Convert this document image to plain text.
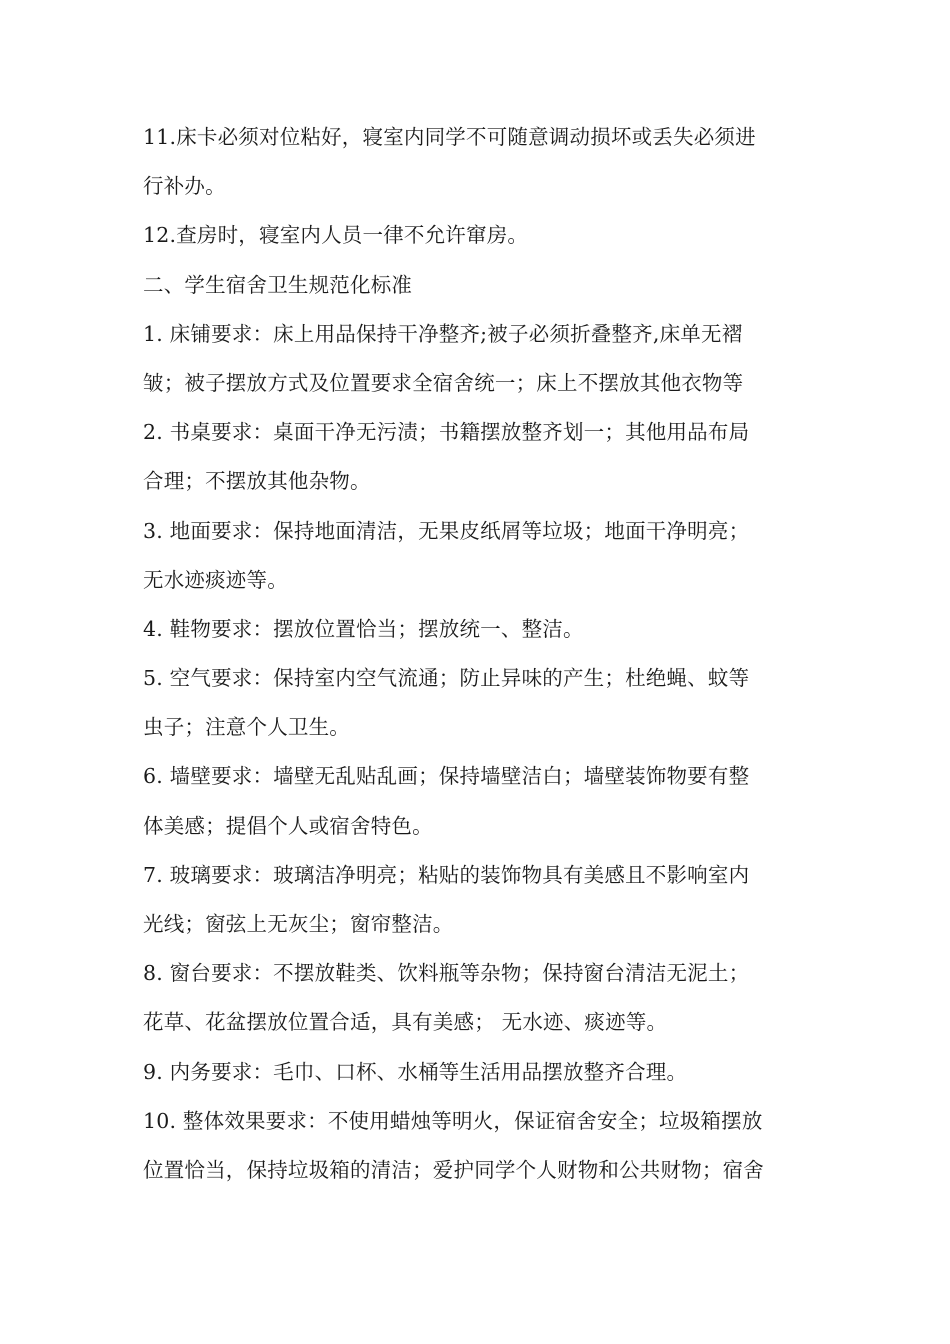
11.床卡必须对位粘好，寝室内同学不可随意调动损坏或丢失必须进
行补办。
12.查房时，寝室内人员一律不允许窜房。
二、学生宿舍卫生规范化标准
1. 床铺要求：床上用品保持干净整齐;被子必须折叠整齐,床单无褶
皱；被子摆放方式及位置要求全宿舍统一；床上不摆放其他衣物等
2. 书桌要求：桌面干净无污渍；书籍摆放整齐划一；其他用品布局
合理；不摆放其他杂物。
3. 地面要求：保持地面清洁，无果皮纸屑等垃圾；地面干净明亮；
无水迹痰迹等。
4. 鞋物要求：摆放位置恰当；摆放统一、整洁。
5. 空气要求：保持室内空气流通；防止异味的产生；杜绝蝇、蚊等
虫子；注意个人卫生。
6. 墙壁要求：墙壁无乱贴乱画；保持墙壁洁白；墙壁装饰物要有整
体美感；提倡个人或宿舍特色。
7. 玻璃要求：玻璃洁净明亮；粘贴的装饰物具有美感且不影响室内
光线；窗弦上无灰尘；窗帘整洁。
8. 窗台要求：不摆放鞋类、饮料瓶等杂物；保持窗台清洁无泥土；
花草、花盆摆放位置合适，具有美感； 无水迹、痰迹等。
9. 内务要求：毛巾、口杯、水桶等生活用品摆放整齐合理。
10. 整体效果要求：不使用蜡烛等明火，保证宿舍安全；垃圾箱摆放
位置恰当，保持垃圾箱的清洁；爱护同学个人财物和公共财物；宿舍
